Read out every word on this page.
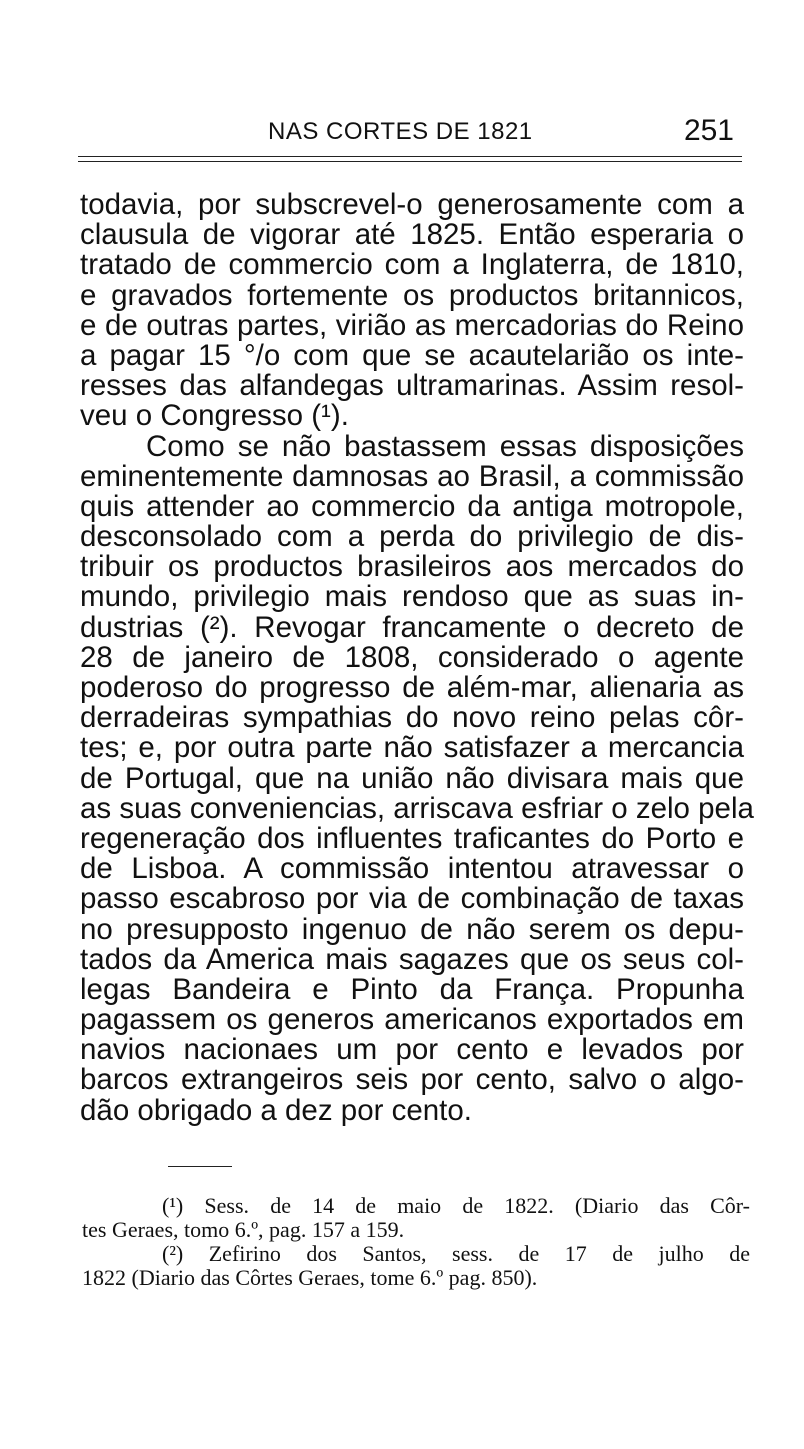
NAS CORTES DE 1821	251
todavia, por subscrevel-o generosamente com a
clausula de vigorar até 1825. Então esperaria o
tratado de commercio com a Inglaterra, de 1810,
e gravados fortemente os productos britannicos,
e de outras partes, virião as mercadorias do Reino
a pagar 15 °/o com que se acautelarião os inte-
resses das alfandegas ultramarinas. Assim resol-
veu o Congresso (¹).
Como se não bastassem essas disposições
eminentemente damnosas ao Brasil, a commissão
quis attender ao commercio da antiga motropole,
desconsolado com a perda do privilegio de dis-
tribuir os productos brasileiros aos mercados do
mundo, privilegio mais rendoso que as suas in-
dustrias (²). Revogar francamente o decreto de
28 de janeiro de 1808, considerado o agente
poderoso do progresso de além-mar, alienaria as
derradeiras sympathias do novo reino pelas côr-
tes; e, por outra parte não satisfazer a mercancia
de Portugal, que na união não divisara mais que
as suas conveniencias, arriscava esfriar o zelo pela
regeneração dos influentes traficantes do Porto e
de Lisboa. A commissão intentou atravessar o
passo escabroso por via de combinação de taxas
no presupposto ingenuo de não serem os depu-
tados da America mais sagazes que os seus col-
legas Bandeira e Pinto da França. Propunha
pagassem os generos americanos exportados em
navios nacionaes um por cento e levados por
barcos extrangeiros seis por cento, salvo o algo-
dão obrigado a dez por cento.
(¹) Sess. de 14 de maio de 1822. (Diario das Côr-
tes Geraes, tomo 6.º, pag. 157 a 159.
(²) Zefirino dos Santos, sess. de 17 de julho de
1822 (Diario das Côrtes Geraes, tome 6.º pag. 850).
